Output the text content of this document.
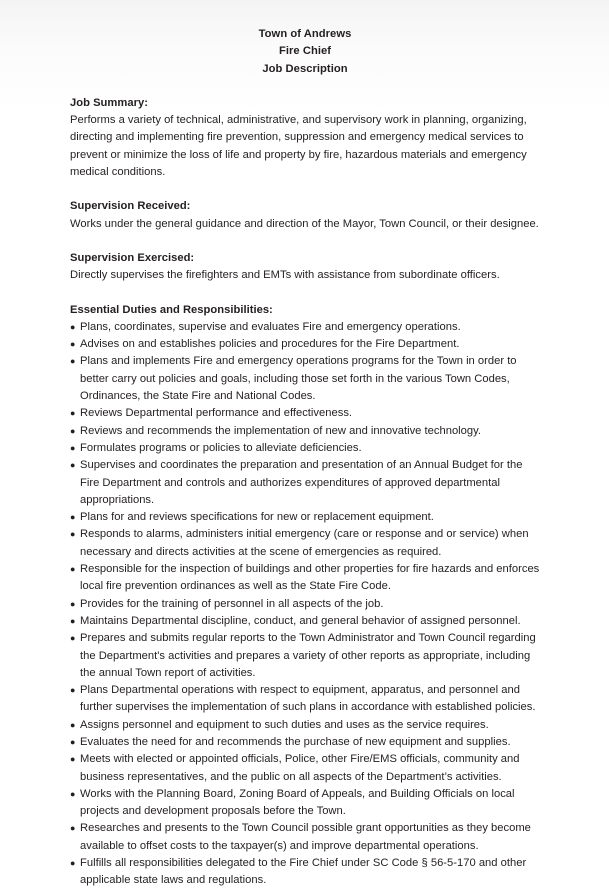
Town of Andrews
Fire Chief
Job Description
Job Summary:
Performs a variety of technical, administrative, and supervisory work in planning, organizing, directing and implementing fire prevention, suppression and emergency medical services to prevent or minimize the loss of life and property by fire, hazardous materials and emergency medical conditions.
Supervision Received:
Works under the general guidance and direction of the Mayor, Town Council, or their designee.
Supervision Exercised:
Directly supervises the firefighters and EMTs with assistance from subordinate officers.
Essential Duties and Responsibilities:
● Plans, coordinates, supervise and evaluates Fire and emergency operations.
● Advises on and establishes policies and procedures for the Fire Department.
● Plans and implements Fire and emergency operations programs for the Town in order to better carry out policies and goals, including those set forth in the various Town Codes, Ordinances, the State Fire and National Codes.
● Reviews Departmental performance and effectiveness.
● Reviews and recommends the implementation of new and innovative technology.
● Formulates programs or policies to alleviate deficiencies.
● Supervises and coordinates the preparation and presentation of an Annual Budget for the Fire Department and controls and authorizes expenditures of approved departmental appropriations.
● Plans for and reviews specifications for new or replacement equipment.
● Responds to alarms, administers initial emergency (care or response and or service) when necessary and directs activities at the scene of emergencies as required.
● Responsible for the inspection of buildings and other properties for fire hazards and enforces local fire prevention ordinances as well as the State Fire Code.
● Provides for the training of personnel in all aspects of the job.
● Maintains Departmental discipline, conduct, and general behavior of assigned personnel.
● Prepares and submits regular reports to the Town Administrator and Town Council regarding the Department's activities and prepares a variety of other reports as appropriate, including the annual Town report of activities.
● Plans Departmental operations with respect to equipment, apparatus, and personnel and further supervises the implementation of such plans in accordance with established policies.
● Assigns personnel and equipment to such duties and uses as the service requires.
● Evaluates the need for and recommends the purchase of new equipment and supplies.
● Meets with elected or appointed officials, Police, other Fire/EMS officials, community and business representatives, and the public on all aspects of the Department’s activities.
● Works with the Planning Board, Zoning Board of Appeals, and Building Officials on local projects and development proposals before the Town.
● Researches and presents to the Town Council possible grant opportunities as they become available to offset costs to the taxpayer(s) and improve departmental operations.
● Fulfills all responsibilities delegated to the Fire Chief under SC Code § 56-5-170 and other applicable state laws and regulations.
